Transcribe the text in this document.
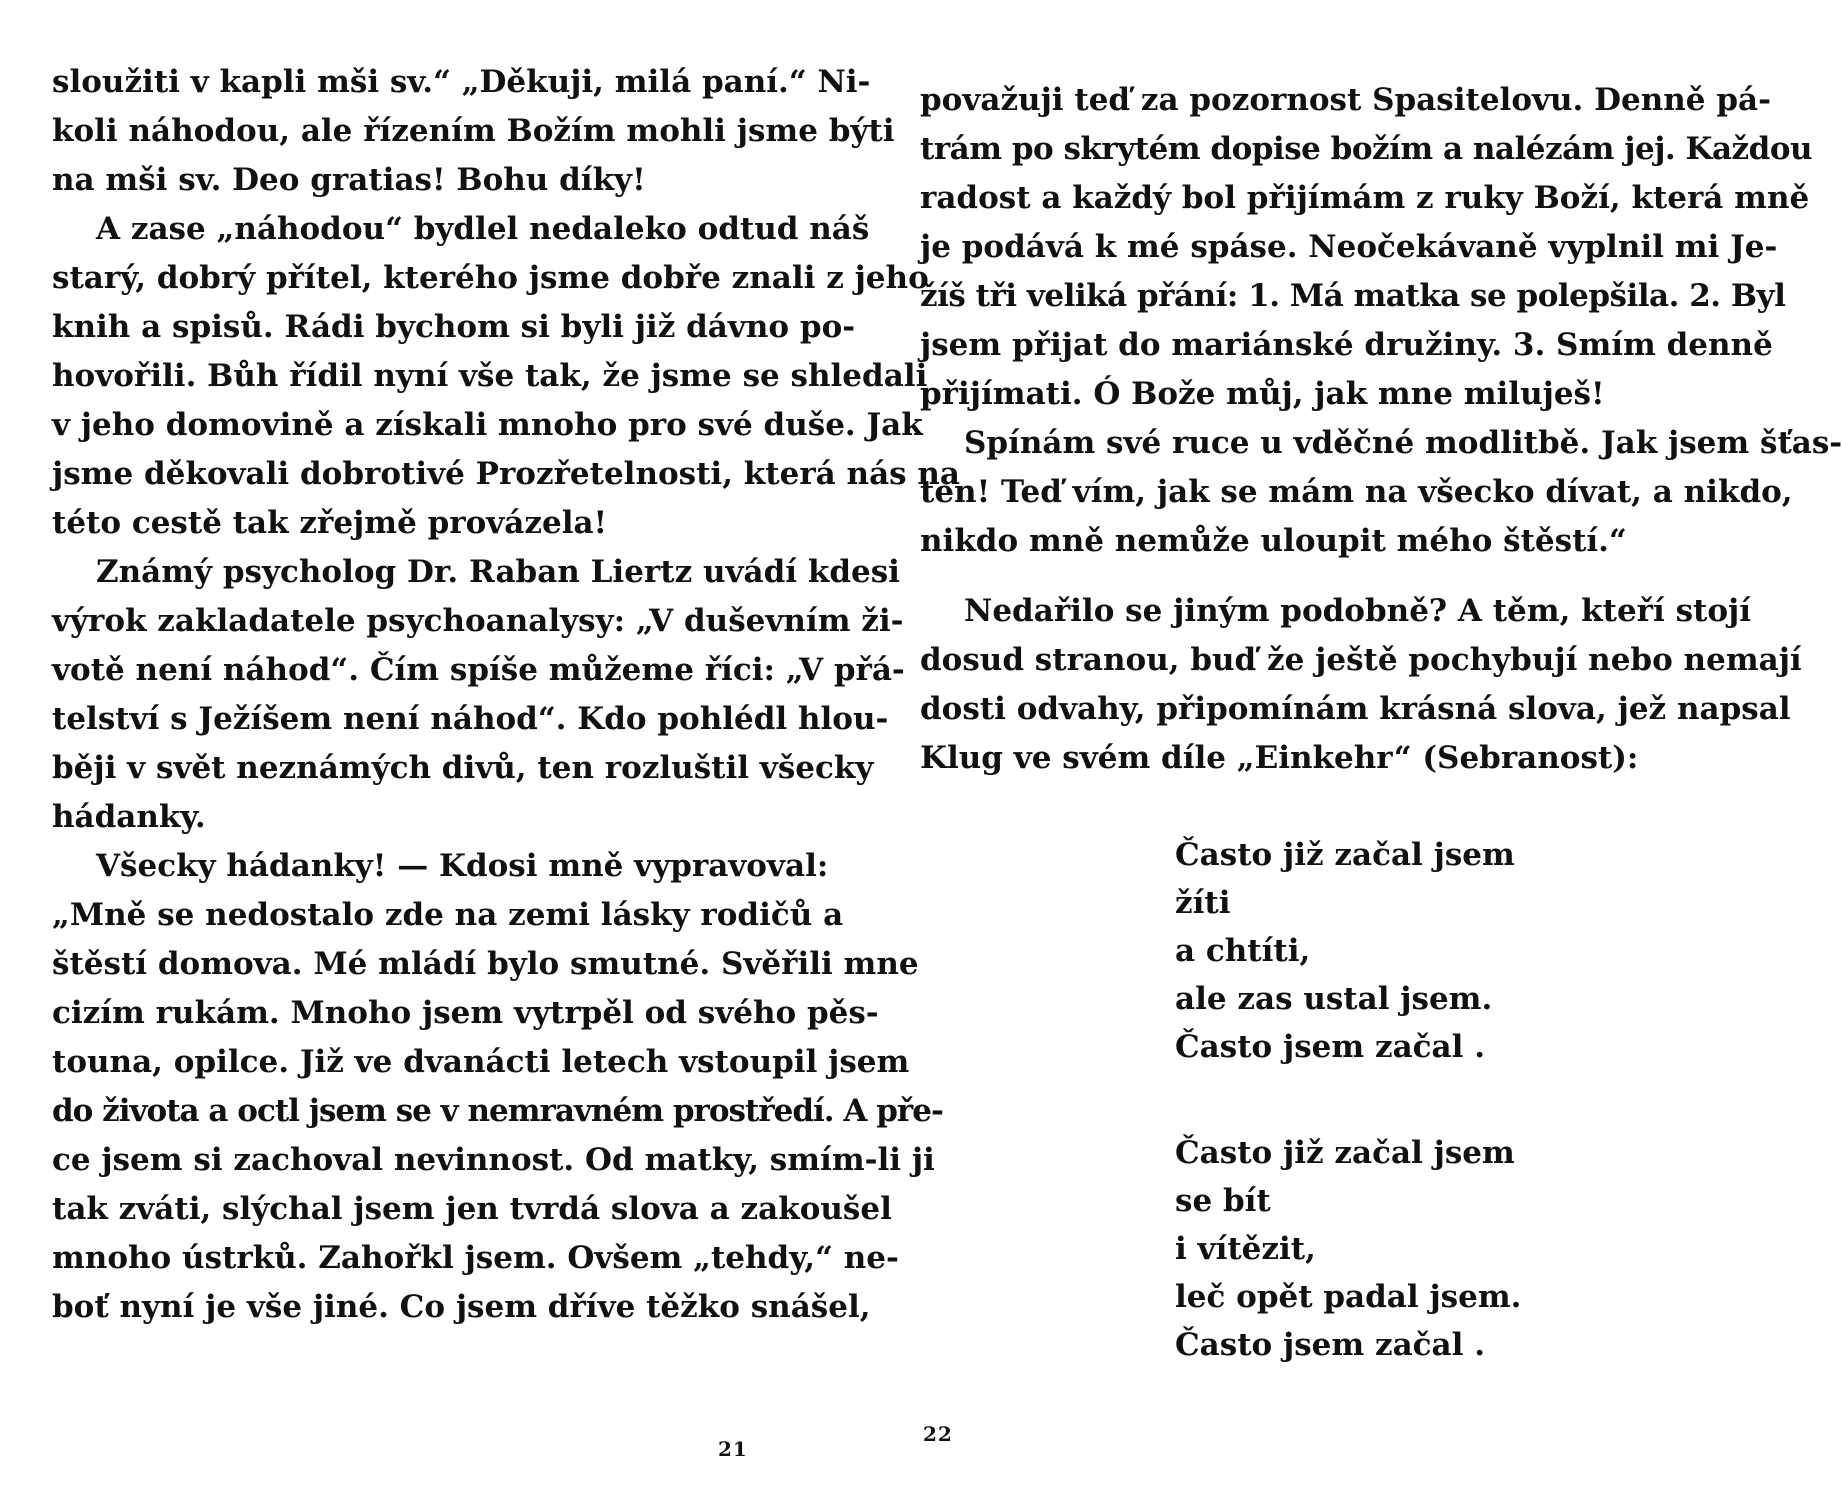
sloužiti v kapli mši sv.“ „Děkuji, milá paní.“ Ni-
koli náhodou, ale řízením Božím mohli jsme býti
na mši sv. Deo gratias! Bohu díky!
A zase „náhodou“ bydlel nedaleko odtud náš
starý, dobrý přítel, kterého jsme dobře znali z jeho
knih a spisů. Rádi bychom si byli již dávno po-
hovořili. Bůh řídil nyní vše tak, že jsme se shledali
v jeho domovině a získali mnoho pro své duše. Jak
jsme děkovali dobrotivé Prozřetelnosti, která nás na
této cestě tak zřejmě provázela!
Známý psycholog Dr. Raban Liertz uvádí kdesi
výrok zakladatele psychoanalysy: „V duševním ži-
votě není náhod“. Čím spíše můžeme říci: „V přá-
telství s Ježíšem není náhod“. Kdo pohlédl hlou-
běji v svět neznámých divů, ten rozluštil všecky
hádanky.
Všecky hádanky! — Kdosi mně vypravoval:
„Mně se nedostalo zde na zemi lásky rodičů a
štěstí domova. Mé mládí bylo smutné. Svěřili mne
cizím rukám. Mnoho jsem vytrpěl od svého pěs-
touna, opilce. Již ve dvanácti letech vstoupil jsem
do života a octl jsem se v nemravném prostředí. A pře-
ce jsem si zachoval nevinnost. Od matky, smím-li ji
tak zváti, slýchal jsem jen tvrdá slova a zakoušel
mnoho ústrků. Zahořkl jsem. Ovšem „tehdy,“ ne-
boť nyní je vše jiné. Co jsem dříve těžko snášel,
21
považuji teď za pozornost Spasitelovu. Denně pá-
trám po skrytém dopise božím a nalézám jej. Každou
radost a každý bol přijímám z ruky Boží, která mně
je podává k mé spáse. Neočekávaně vyplnil mi Je-
žíš tři veliká přání: 1. Má matka se polepšila. 2. Byl
jsem přijat do mariánské družiny. 3. Smím denně
přijímati. Ó Bože můj, jak mne miluješ!
Spínám své ruce u vděčné modlitbě. Jak jsem šťas-
ten! Teď vím, jak se mám na všecko dívat, a nikdo,
nikdo mně nemůže uloupit mého štěstí.“
Nedařilo se jiným podobně? A těm, kteří stojí
dosud stranou, buď že ještě pochybují nebo nemají
dosti odvahy, připomínám krásná slova, jež napsal
Klug ve svém díle „Einkehr“ (Sebranost):
Často již začal jsem
žíti
a chtíti,
ale zas ustal jsem.
Často jsem začal .
Často již začal jsem
se bít
i vítězit,
leč opět padal jsem.
Často jsem začal .
22
